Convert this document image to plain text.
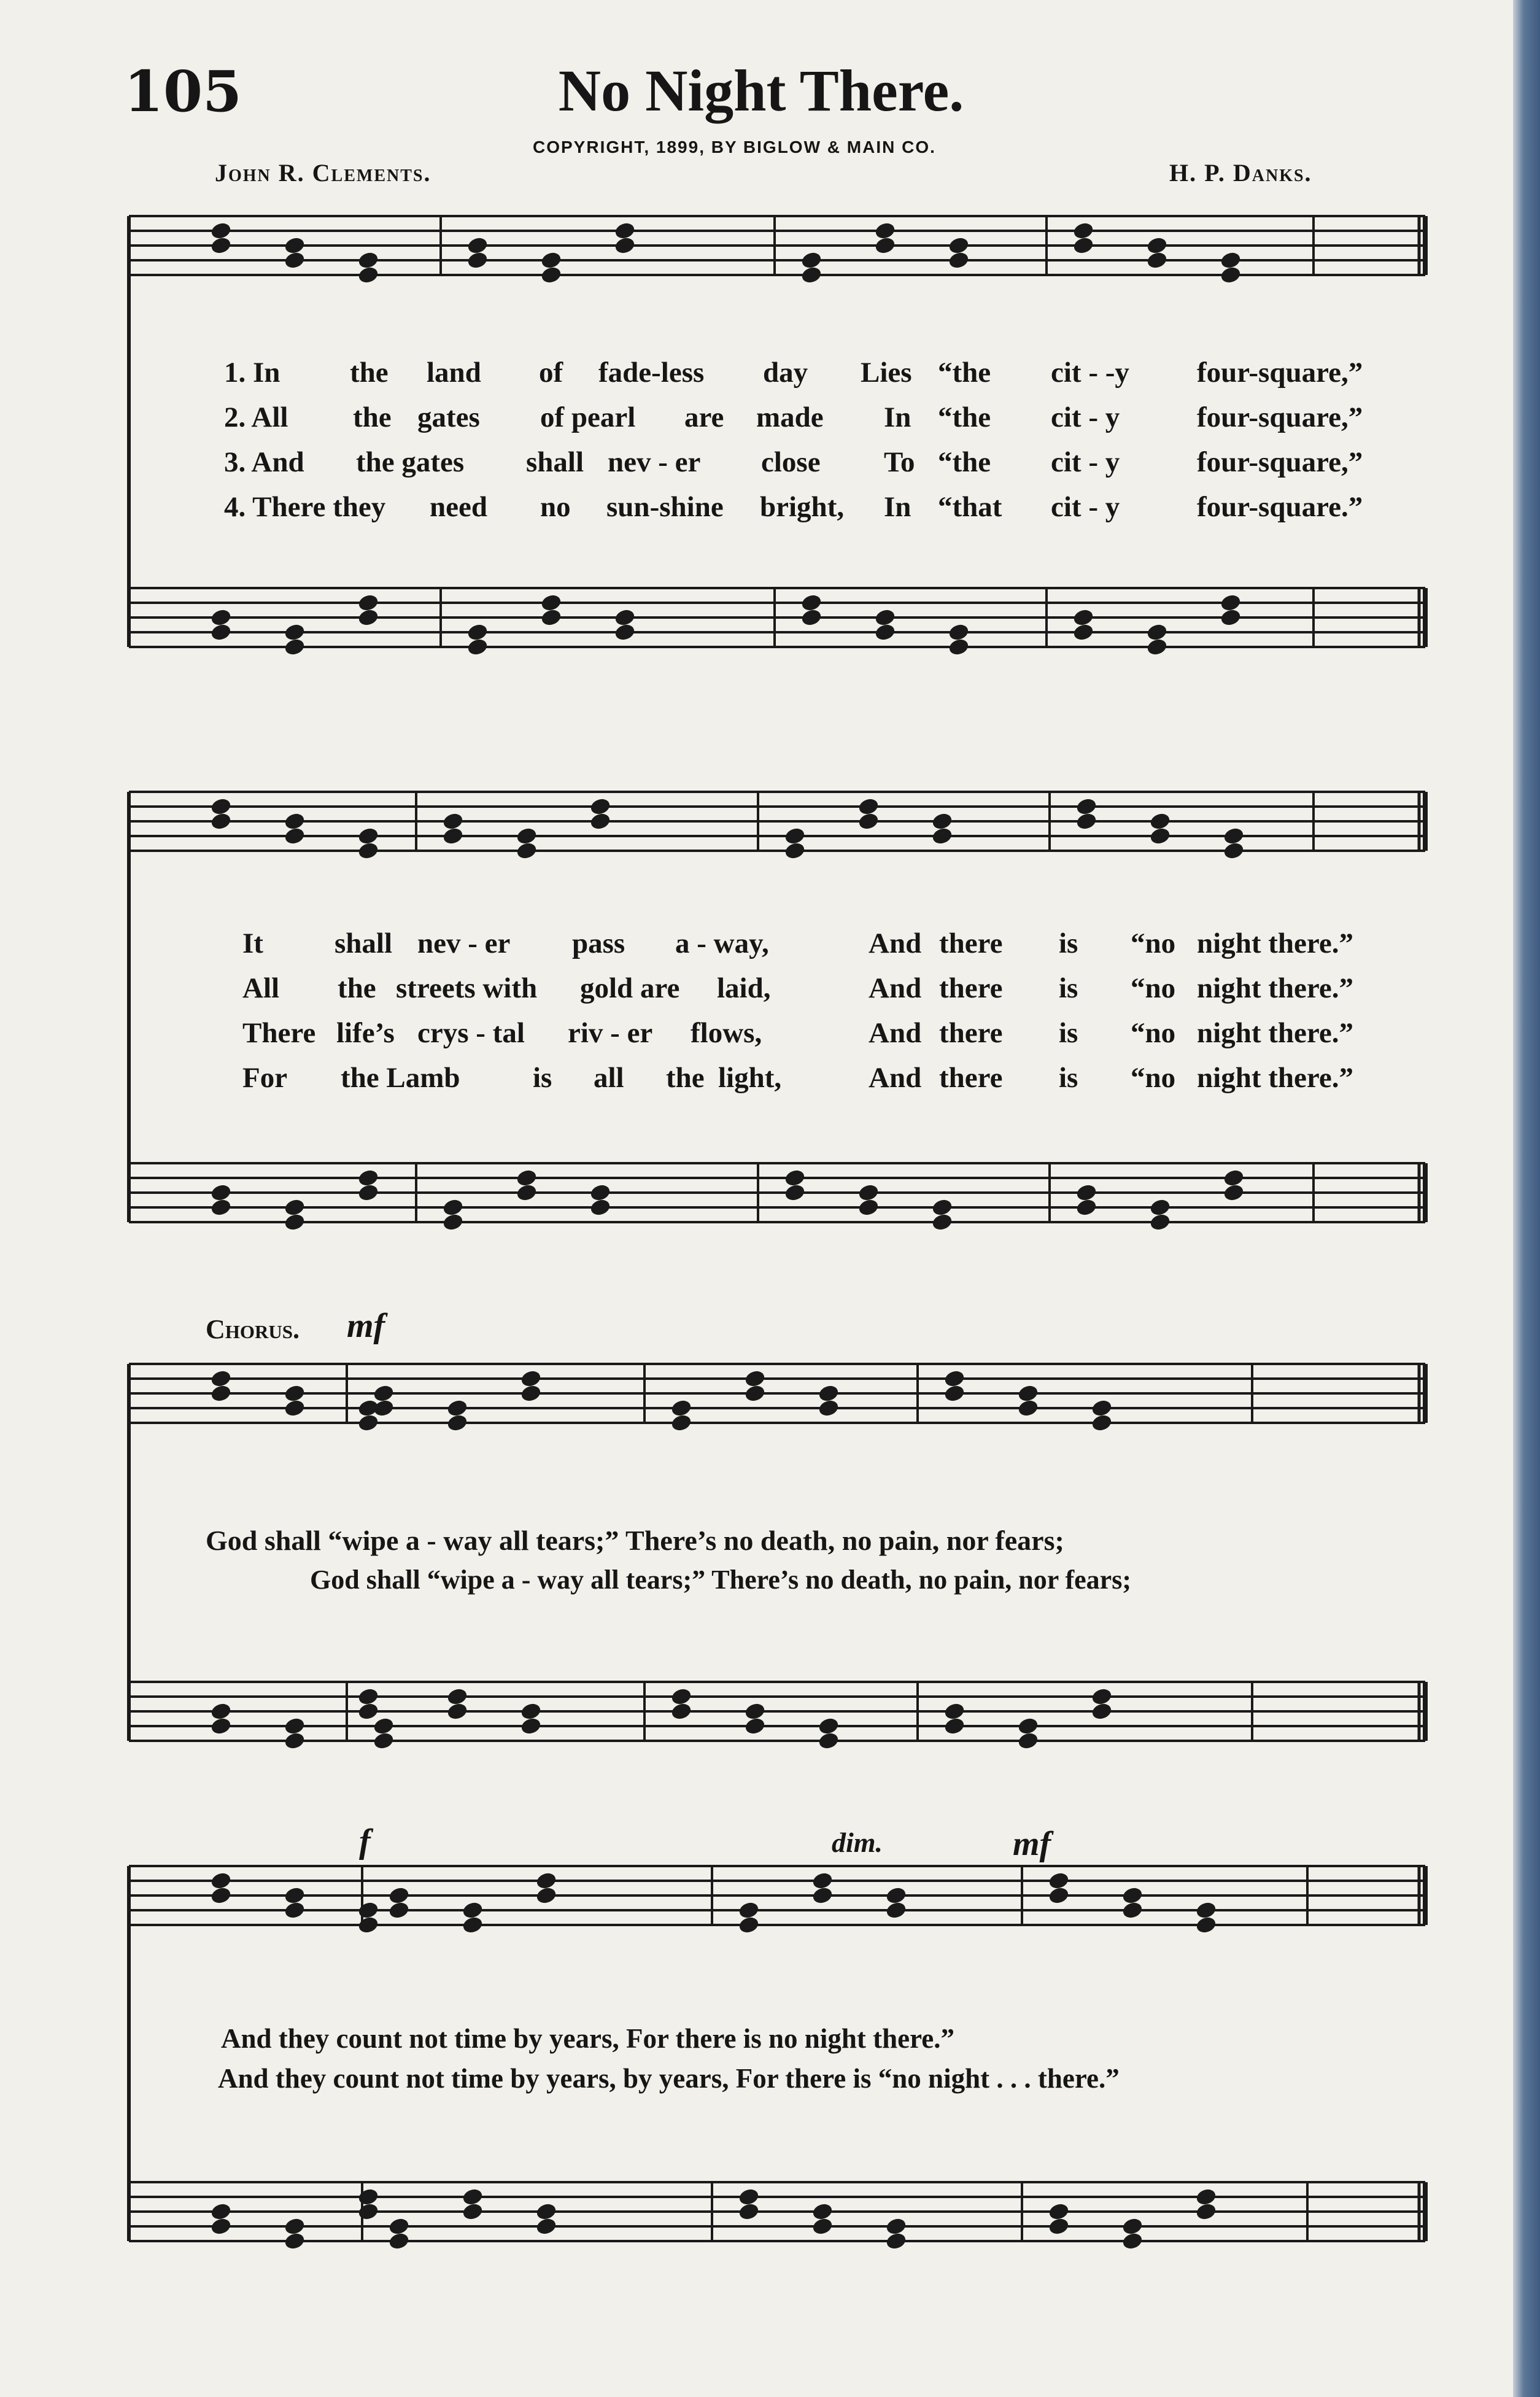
105	No Night There.
COPYRIGHT, 1899, BY BIGLOW & MAIN CO.
John R. Clements.	H. P. Danks.
1. In the land of fade-less day Lies “the cit - -y four-square,”
2. All the gates of pearl are made In “the cit - y	four-square,”
3. And the gates shall nev - er close To “the cit - y	four-square,”
4. There they need no sun-shine bright, In “that cit - y	four-square.”
It shall nev - er pass a - way,	And there is “no night there.”
All the streets with gold are laid,	And there is “no night there.”
There life’s crys - tal riv - er flows,	And there is “no night there.”
For the Lamb	is all the light,	And there is “no night there.”
Chorus. mf
God shall “wipe a - way all tears;” There’s no death, no pain, nor fears;
God shall “wipe a - way all tears;” There’s no death, no pain, nor fears;
f	dim.	mf
And they count not time by years, For there is no night there.”
And they count not time by years, by years, For there is “no night . . . there.”
